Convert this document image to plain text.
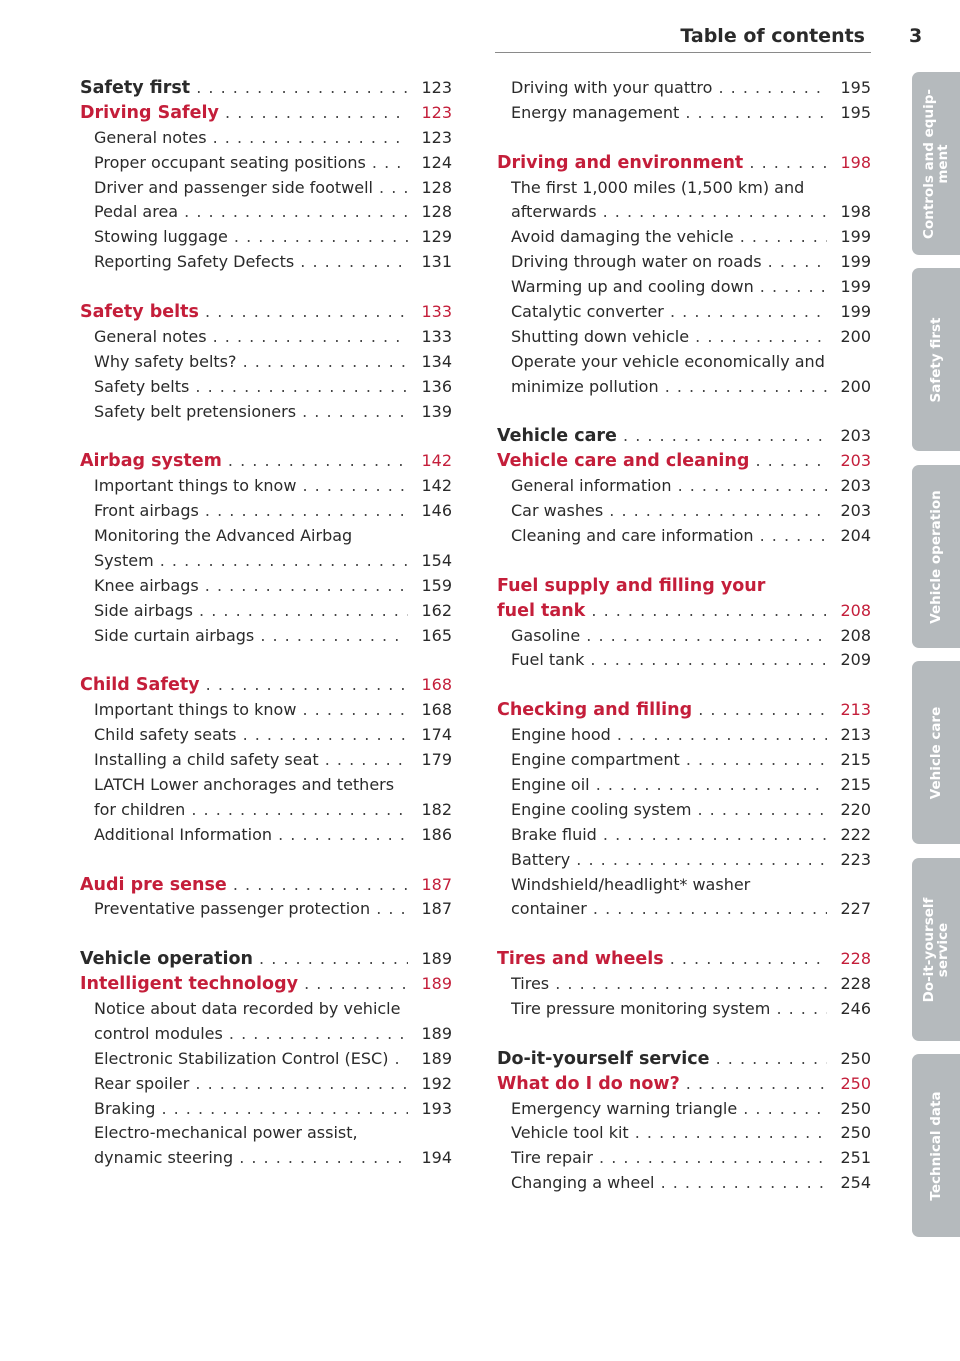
Table of contents 3
Safety first . . .	123
Driving Safely . . .	123
General notes . . .	123
Proper occupant seating positions . . .	124
Driver and passenger side footwell . . .	128
Pedal area . . .	128
Stowing luggage . . .	129
Reporting Safety Defects . . .	131
Safety belts . . .	133
General notes . . .	133
Why safety belts? . . .	134
Safety belts . . .	136
Safety belt pretensioners . . .	139
Airbag system . . .	142
Important things to know . . .	142
Front airbags . . .	146
Monitoring the Advanced Airbag
System . . .	154
Knee airbags . . .	159
Side airbags . . .	162
Side curtain airbags . . .	165
Child Safety . . .	168
Important things to know . . .	168
Child safety seats . . .	174
Installing a child safety seat . . .	179
LATCH Lower anchorages and tethers
for children . . .	182
Additional Information . . .	186
Audi pre sense . . .	187
Preventative passenger protection . . .	187
Vehicle operation . . .	189
Intelligent technology . . .	189
Notice about data recorded by vehicle
control modules . . .	189
Electronic Stabilization Control (ESC) . . .	189
Rear spoiler . . .	192
Braking . . .	193
Electro-mechanical power assist,
dynamic steering . . .	194
Driving with your quattro . . .	195
Energy management . . .	195
Driving and environment . . .	198
The first 1,000 miles (1,500 km) and
afterwards . . .	198
Avoid damaging the vehicle . . .	199
Driving through water on roads . . .	199
Warming up and cooling down . . .	199
Catalytic converter . . .	199
Shutting down vehicle . . .	200
Operate your vehicle economically and
minimize pollution . . .	200
Vehicle care . . .	203
Vehicle care and cleaning . . .	203
General information . . .	203
Car washes . . .	203
Cleaning and care information . . .	204
Fuel supply and filling your
fuel tank . . .	208
Gasoline . . .	208
Fuel tank . . .	209
Checking and filling . . .	213
Engine hood . . .	213
Engine compartment . . .	215
Engine oil . . .	215
Engine cooling system . . .	220
Brake fluid . . .	222
Battery . . .	223
Windshield/headlight* washer
container . . .	227
Tires and wheels . . .	228
Tires . . .	228
Tire pressure monitoring system . . .	246
Do-it-yourself service . . .	250
What do I do now? . . .	250
Emergency warning triangle . . .	250
Vehicle tool kit . . .	250
Tire repair . . .	251
Changing a wheel . . .	254
Controls and equip-
ment
Safety first
Vehicle operation
Vehicle care
Do-it-yourself
service
Technical data
